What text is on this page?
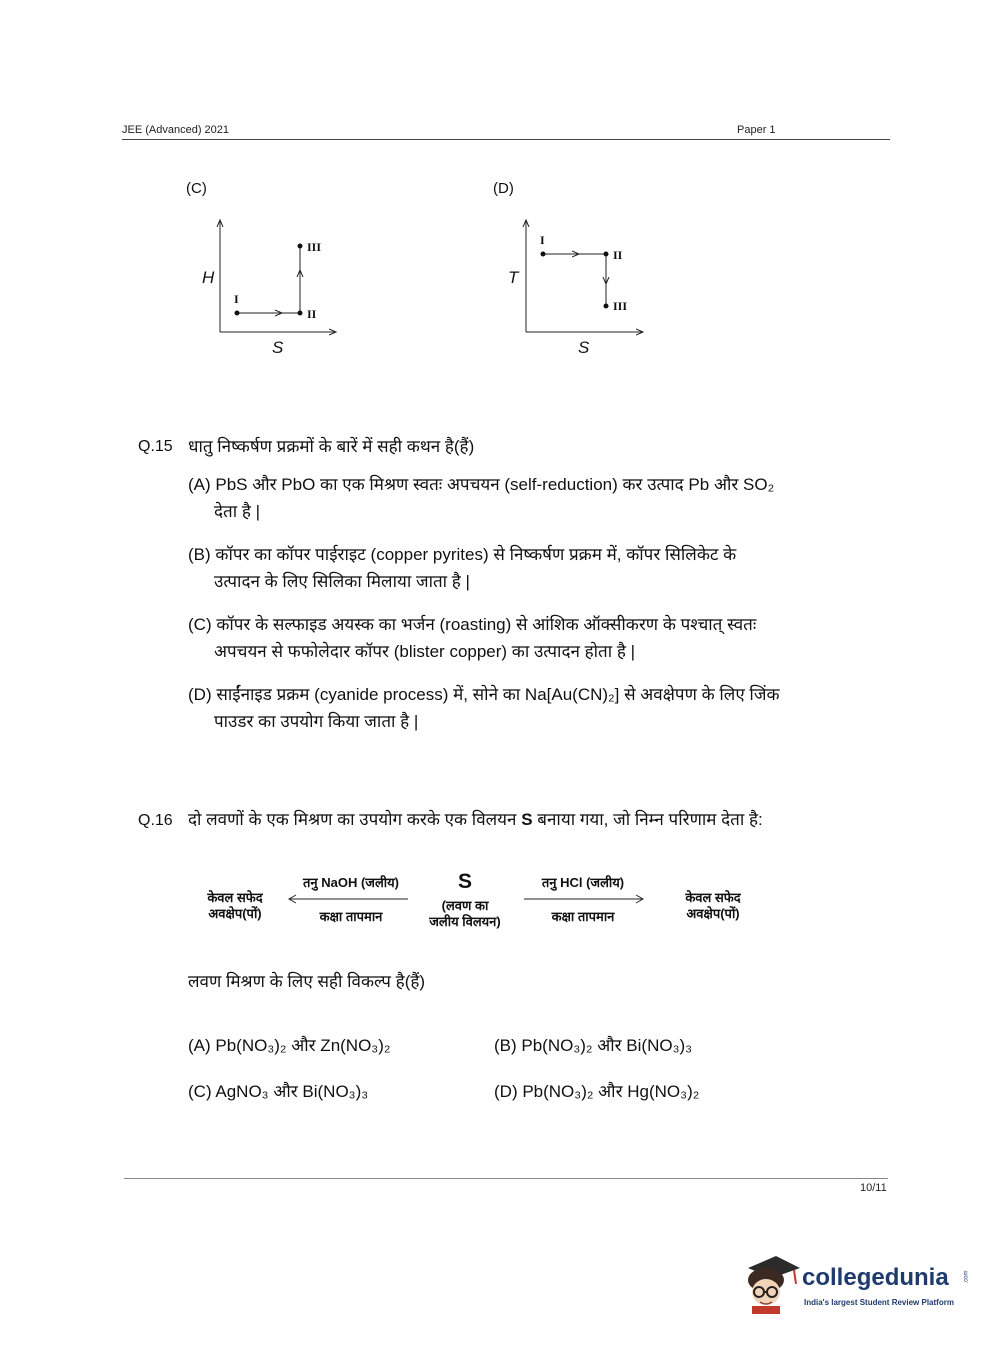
JEE (Advanced) 2021	Paper 1
(C)
I
II
III
H
S
(D)
I
II
III
T
S
Q.15 धातु निष्कर्षण प्रक्रमों के बारें में सही कथन है(हैं)
(A) PbS और PbO का एक मिश्रण स्वतः अपचयन (self-reduction) कर उत्पाद Pb और SO₂
देता है |
(B) कॉपर का कॉपर पाईराइट (copper pyrites) से निष्कर्षण प्रक्रम में, कॉपर सिलिकेट के
उत्पादन के लिए सिलिका मिलाया जाता है |
(C) कॉपर के सल्फाइड अयस्क का भर्जन (roasting) से आंशिक ऑक्सीकरण के पश्चात् स्वतः
अपचयन से फफोलेदार कॉपर (blister copper) का उत्पादन होता है |
(D) साईंनाइड प्रक्रम (cyanide process) में, सोने का Na[Au(CN)₂] से अवक्षेपण के लिए जिंक
पाउडर का उपयोग किया जाता है |
Q.16 दो लवणों के एक मिश्रण का उपयोग करके एक विलयन S बनाया गया, जो निम्न परिणाम देता है:
केवल सफेद
अवक्षेप(पों)
तनु NaOH (जलीय)
कक्षा तापमान
S
(लवण का
जलीय विलयन)
तनु HCl (जलीय)
कक्षा तापमान
केवल सफेद
अवक्षेप(पों)
लवण मिश्रण के लिए सही विकल्प है(हैं)
(A) Pb(NO₃)₂ और Zn(NO₃)₂	(B) Pb(NO₃)₂ और Bi(NO₃)₃
(C) AgNO₃ और Bi(NO₃)₃	(D) Pb(NO₃)₂ और Hg(NO₃)₂
10/11
collegedunia .com
India's largest Student Review Platform
